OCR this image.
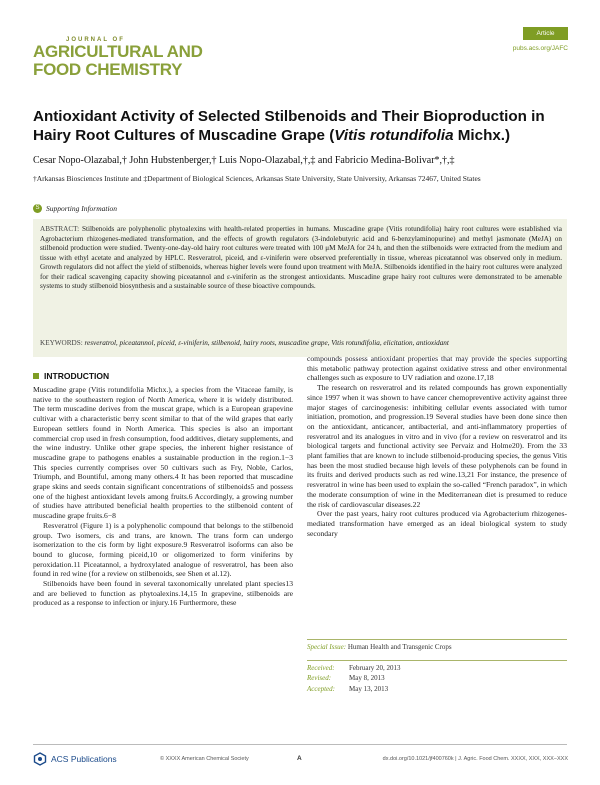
JOURNAL OF
AGRICULTURAL AND
FOOD CHEMISTRY
Article
pubs.acs.org/JAFC
Antioxidant Activity of Selected Stilbenoids and Their Bioproduction in Hairy Root Cultures of Muscadine Grape (Vitis rotundifolia Michx.)
Cesar Nopo-Olazabal,† John Hubstenberger,† Luis Nopo-Olazabal,†,‡ and Fabricio Medina-Bolivar*,†,‡
†Arkansas Biosciences Institute and ‡Department of Biological Sciences, Arkansas State University, State University, Arkansas 72467, United States
S Supporting Information
ABSTRACT: Stilbenoids are polyphenolic phytoalexins with health-related properties in humans. Muscadine grape (Vitis rotundifolia) hairy root cultures were established via Agrobacterium rhizogenes-mediated transformation, and the effects of growth regulators (3-indolebutyric acid and 6-benzylaminopurine) and methyl jasmonate (MeJA) on stilbenoid production were studied. Twenty-one-day-old hairy root cultures were treated with 100 μM MeJA for 24 h, and then the stilbenoids were extracted from the medium and tissue with ethyl acetate and analyzed by HPLC. Resveratrol, piceid, and ε-viniferin were observed preferentially in tissue, whereas piceatannol was observed only in medium. Growth regulators did not affect the yield of stilbenoids, whereas higher levels were found upon treatment with MeJA. Stilbenoids identified in the hairy root cultures were analyzed for their radical scavenging capacity showing piceatannol and ε-viniferin as the strongest antioxidants. Muscadine grape hairy root cultures were demonstrated to be amenable systems to study stilbenoid biosynthesis and a sustainable source of these bioactive compounds.
KEYWORDS: resveratrol, piceatannol, piceid, ε-viniferin, stilbenoid, hairy roots, muscadine grape, Vitis rotundifolia, elicitation, antioxidant
INTRODUCTION

Muscadine grape (Vitis rotundifolia Michx.), a species from the Vitaceae family, is native to the southeastern region of North America, where it is widely distributed. The term muscadine derives from the muscat grape, which is a European grapevine cultivar with a characteristic berry scent similar to that of the wild grapes that early European settlers found in North America. This species is also an important commercial crop used in fresh consumption, food additives, dietary supplements, and the wine industry. Unlike other grape species, the inherent higher resistance of muscadine grape to pathogens enables a sustainable production in the region.1−3 This species currently comprises over 50 cultivars such as Fry, Noble, Carlos, Triumph, and Bountiful, among many others.4 It has been reported that muscadine grape skins and seeds contain significant concentrations of stilbenoids5 and possess one of the highest antioxidant levels among fruits.6 Accordingly, a growing number of studies have attributed beneficial health properties to the stilbenoid content of muscadine grape fruits.6−8

Resveratrol (Figure 1) is a polyphenolic compound that belongs to the stilbenoid group. Two isomers, cis and trans, are known. The trans form can undergo isomerization to the cis form by light exposure.9 Resveratrol isoforms can also be bound to glucose, forming piceid,10 or oligomerized to form viniferins by peroxidation.11 Piceatannol, a hydroxylated analogue of resveratrol, has been also found in red wine (for a review on stilbenoids, see Shen et al.12).

Stilbenoids have been found in several taxonomically unrelated plant species13 and are believed to function as phytoalexins.14,15 In grapevine, stilbenoids are produced as a response to infection or injury.16 Furthermore, these

compounds possess antioxidant properties that may provide the species supporting this metabolic pathway protection against oxidative stress and other environmental challenges such as exposure to UV radiation and ozone.17,18

The research on resveratrol and its related compounds has grown exponentially since 1997 when it was shown to have cancer chemopreventive activity against three major stages of carcinogenesis: inhibiting cellular events associated with tumor initiation, promotion, and progression.19 Several studies have been done since then on the antioxidant, anticancer, antibacterial, and anti-inflammatory properties of resveratrol and its analogues in vitro and in vivo (for a review on resveratrol and its biological targets and functional activity see Pervaiz and Holme20). From the 33 plant families that are known to include stilbenoid-producing species, the genus Vitis has been the most studied because high levels of these polyphenols can be found in its fruits and derived products such as red wine.13,21 For instance, the presence of resveratrol in wine has been used to explain the so-called “French paradox”, in which the moderate consumption of wine in the Mediterranean diet is presumed to reduce the risk of cardiovascular diseases.22

Over the past years, hairy root cultures produced via Agrobacterium rhizogenes-mediated transformation have emerged as an ideal biological system to study secondary

Special Issue: Human Health and Transgenic Crops
Received: February 20, 2013
Revised:	May 8, 2013
Accepted: May 13, 2013
ACS Publications	© XXXX American Chemical Society	A	dx.doi.org/10.1021/jf400760k | J. Agric. Food Chem. XXXX, XXX, XXX−XXX
